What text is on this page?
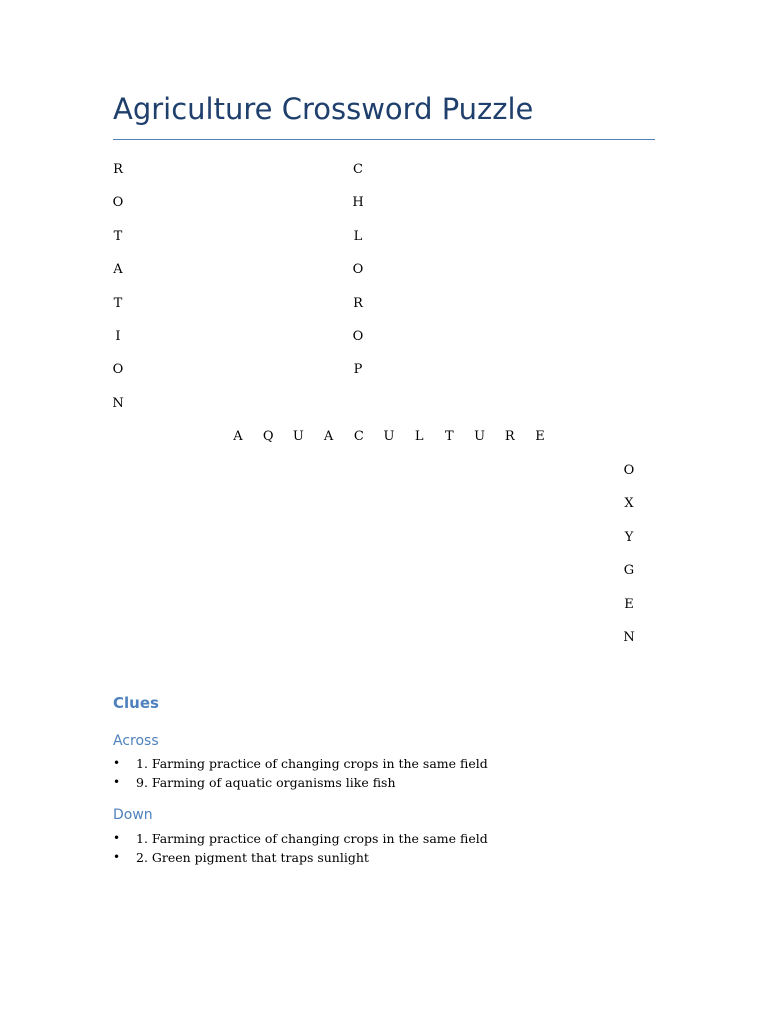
Agriculture Crossword Puzzle
R
O
T
A
T
I
O
N
C
H
L
O
R
O
P
A Q U A C U L T U R E
O
X
Y
G
E
N
Clues
Across
• 1. Farming practice of changing crops in the same field
• 9. Farming of aquatic organisms like fish
Down
• 1. Farming practice of changing crops in the same field
• 2. Green pigment that traps sunlight
